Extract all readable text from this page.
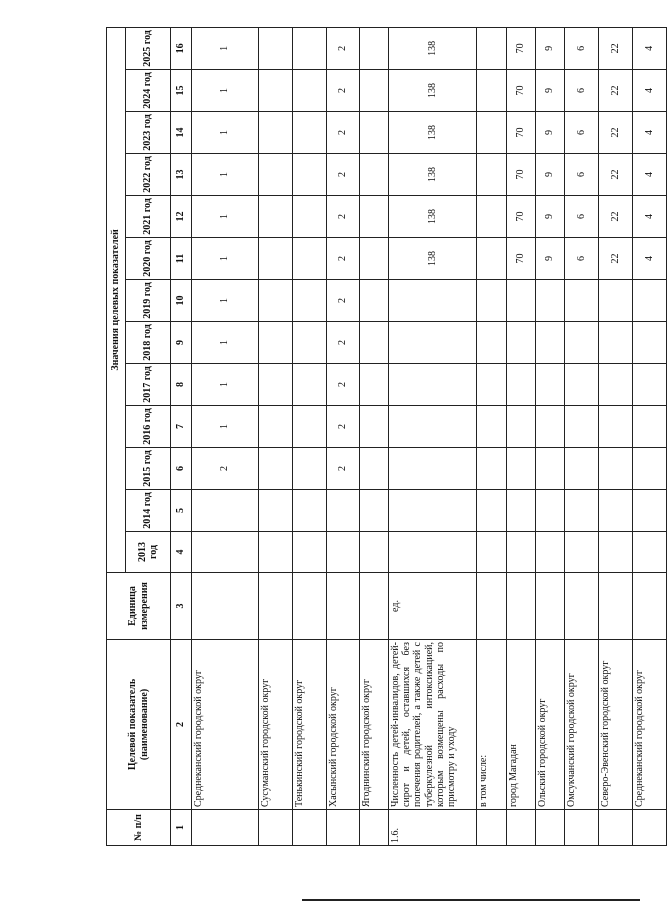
№ п/п	Целевой показатель (наименование)	Единица измерения	Значения целевых показателей												
			2013 год	2014 год	2015 год	2016 год	2017 год	2018 год	2019 год	2020 год	2021 год	2022 год	2023 год	2024 год	2025 год
1	2	3	4	5	6	7	8	9	10	11	12	13	14	15	16
	Среднеканский городской округ				2	1	1	1	1	1	1	1	1	1	1
	Сусуманский городской округ														
	Тенькинский городской округ														
	Хасынский городской округ				2	2	2	2	2	2	2	2	2	2	2
	Ягоднинский городской округ														
1.6.	Численность детей-инвалидов, детей-сирот и детей, оставшихся без попечения родителей, а также детей с туберкулезной интоксикацией, которым возмещены расходы по присмотру и уходу	ед.								138	138	138	138	138	138
	в том числе:														
	город Магадан									70	70	70	70	70	70
	Ольский городской округ									9	9	9	9	9	9
	Омсукчанский городской округ									6	6	6	6	6	6
	Северо-Эвенский городской округ									22	22	22	22	22	22
	Среднеканский городской округ									4	4	4	4	4	4
